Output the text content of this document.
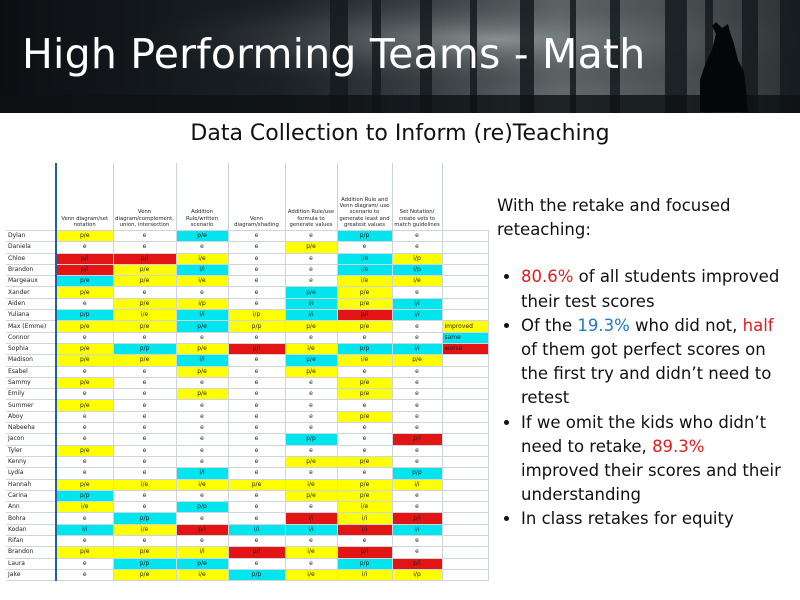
High Performing Teams - Math
Data Collection to Inform (re)Teaching
	Venn diagram/set notation	Venn diagram/complement, union, intersection	Addition Rule/written scenario	Venn diagram/shading	Addition Rule/use formula to generate values	Addition Rule and Venn diagram/ use scenario to generate least and greatest values	Set Notation/ create sets to match guidelines	
Dylan	p/e	e	p/e	e	e	p/p	e	
Daniela	e	e	e	e	p/e	e	e	
Chloe	p/i	p/i	i/e	e	e	i/e	i/p	
Brandon	p/i	p/e	i/i	e	e	i/e	i/p	
Margeaux	p/e	p/e	i/e	e	e	i/e	i/e	
Xander	p/e	e	e	e	p/e	p/e	e	
Aiden	e	p/e	i/p	e	i/i	p/e	i/i	
Yuliana	p/p	i/e	i/i	i/p	i/i	p/i	i/i	
Max (Emme)	p/e	p/e	p/e	p/p	p/e	p/e	e	improved
Connor	e	e	e	e	e	e	e	same
Sophia	p/e	p/p	p/e	p/i	i/e	p/p	i/i	worse
Madison	p/e	p/e	i/i	e	p/e	i/e	p/e	
Esabel	e	e	p/e	e	p/e	e	e	
Sammy	p/e	e	e	e	e	p/e	e	
Emily	e	e	p/e	e	e	p/e	e	
Summer	p/e	e	e	e	e	e	e	
Aboy	e	e	e	e	e	p/e	e	
Nabeeha	e	e	e	e	e	e	e	
Jacon	e	e	e	e	p/p	e	p/i	
Tyler	p/e	e	e	e	e	e	e	
Kenny	e	e	e	e	p/e	p/e	e	
Lydia	e	e	i/i	e	e	e	p/p	
Hannah	p/e	i/e	i/e	p/e	i/e	p/e	i/i	
Carina	p/p	e	e	e	p/e	p/e	e	
Ann	i/e	e	p/p	e	e	i/e	e	
Bohra	e	p/p	e	e	i/i	i/i	p/i	
Kodan	i/i	i/e	p/i	i/i	i/i	i/i	i/i	
Rifan	e	e	e	e	e	e	e	
Brandon	p/e	p/e	i/i	p/i	i/e	p/i	e	
Laura	e	p/p	p/e	e	e	p/p	p/i	
Jake	e	p/e	i/e	p/p	i/e	i/i	i/p	
With the retake and focused reteaching:
• 80.6% of all students improved their test scores
• Of the 19.3% who did not, half of them got perfect scores on the first try and didn’t need to retest
• If we omit the kids who didn’t need to retake, 89.3% improved their scores and their understanding
• In class retakes for equity
